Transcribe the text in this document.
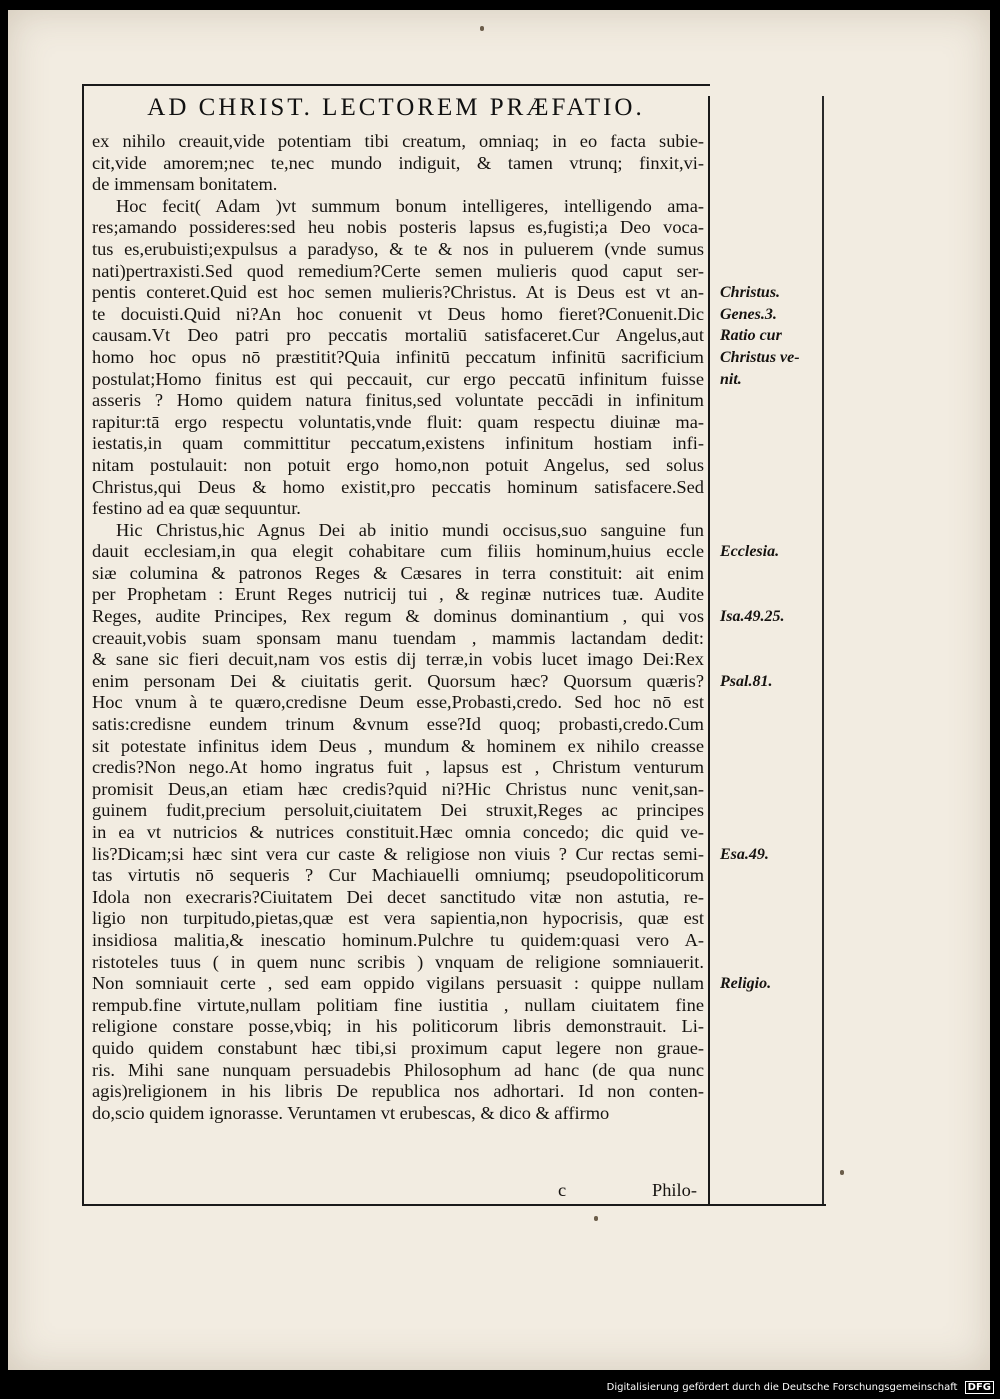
AD CHRIST. LECTOREM PRÆFATIO.
ex nihilo creauit,vide potentiam tibi creatum, omniaq; in eo facta subie-
cit,vide amorem;nec te,nec mundo indiguit, & tamen vtrunq; finxit,vi-
de immensam bonitatem.
Hoc fecit( Adam )vt summum bonum intelligeres, intelligendo ama-
res;amando possideres:sed heu nobis posteris lapsus es,fugisti;a Deo voca-
tus es,erubuisti;expulsus a paradyso, & te & nos in puluerem (vnde sumus
nati)pertraxisti.Sed quod remedium?Certe semen mulieris quod caput ser-
pentis conteret.Quid est hoc semen mulieris?Christus. At is Deus est vt an-
te docuisti.Quid ni?An hoc conuenit vt Deus homo fieret?Conuenit.Dic
causam.Vt Deo patri pro peccatis mortaliū satisfaceret.Cur Angelus,aut
homo hoc opus nō præstitit?Quia infinitū peccatum infinitū sacrificium
postulat;Homo finitus est qui peccauit, cur ergo peccatū infinitum fuisse
asseris ? Homo quidem natura finitus,sed voluntate peccādi in infinitum
rapitur:tā ergo respectu voluntatis,vnde fluit: quam respectu diuinæ ma-
iestatis,in quam committitur peccatum,existens infinitum hostiam infi-
nitam postulauit: non potuit ergo homo,non potuit Angelus, sed solus
Christus,qui Deus & homo existit,pro peccatis hominum satisfacere.Sed
festino ad ea quæ sequuntur.
Hic Christus,hic Agnus Dei ab initio mundi occisus,suo sanguine fun
dauit ecclesiam,in qua elegit cohabitare cum filiis hominum,huius eccle
siæ columina & patronos Reges & Cæsares in terra constituit: ait enim
per Prophetam : Erunt Reges nutricij tui , & reginæ nutrices tuæ. Audite
Reges, audite Principes, Rex regum & dominus dominantium , qui vos
creauit,vobis suam sponsam manu tuendam , mammis lactandam dedit:
& sane sic fieri decuit,nam vos estis dij terræ,in vobis lucet imago Dei:Rex
enim personam Dei & ciuitatis gerit. Quorsum hæc? Quorsum quæris?
Hoc vnum à te quæro,credisne Deum esse,Probasti,credo. Sed hoc nō est
satis:credisne eundem trinum &vnum esse?Id quoq; probasti,credo.Cum
sit potestate infinitus idem Deus , mundum & hominem ex nihilo creasse
credis?Non nego.At homo ingratus fuit , lapsus est , Christum venturum
promisit Deus,an etiam hæc credis?quid ni?Hic Christus nunc venit,san-
guinem fudit,precium persoluit,ciuitatem Dei struxit,Reges ac principes
in ea vt nutricios & nutrices constituit.Hæc omnia concedo; dic quid ve-
lis?Dicam;si hæc sint vera cur caste & religiose non viuis ? Cur rectas semi-
tas virtutis nō sequeris ? Cur Machiauelli omniumq; pseudopoliticorum
Idola non execraris?Ciuitatem Dei decet sanctitudo vitæ non astutia, re-
ligio non turpitudo,pietas,quæ est vera sapientia,non hypocrisis, quæ est
insidiosa malitia,& inescatio hominum.Pulchre tu quidem:quasi vero A-
ristoteles tuus ( in quem nunc scribis ) vnquam de religione somniauerit.
Non somniauit certe , sed eam oppido vigilans persuasit : quippe nullam
rempub.fine virtute,nullam politiam fine iustitia , nullam ciuitatem fine
religione constare posse,vbiq; in his politicorum libris demonstrauit. Li-
quido quidem constabunt hæc tibi,si proximum caput legere non graue-
ris. Mihi sane nunquam persuadebis Philosophum ad hanc (de qua nunc
agis)religionem in his libris De republica nos adhortari. Id non conten-
do,scio quidem ignorasse. Veruntamen vt erubescas, & dico & affirmo
Christus.
Genes.3.
Ratio cur
Christus ve-
nit.
Ecclesia.
Isa.49.25.
Psal.81.
Esa.49.
Religio.
c	Philo-
Digitalisierung gefördert durch die Deutsche Forschungsgemeinschaft DFG
